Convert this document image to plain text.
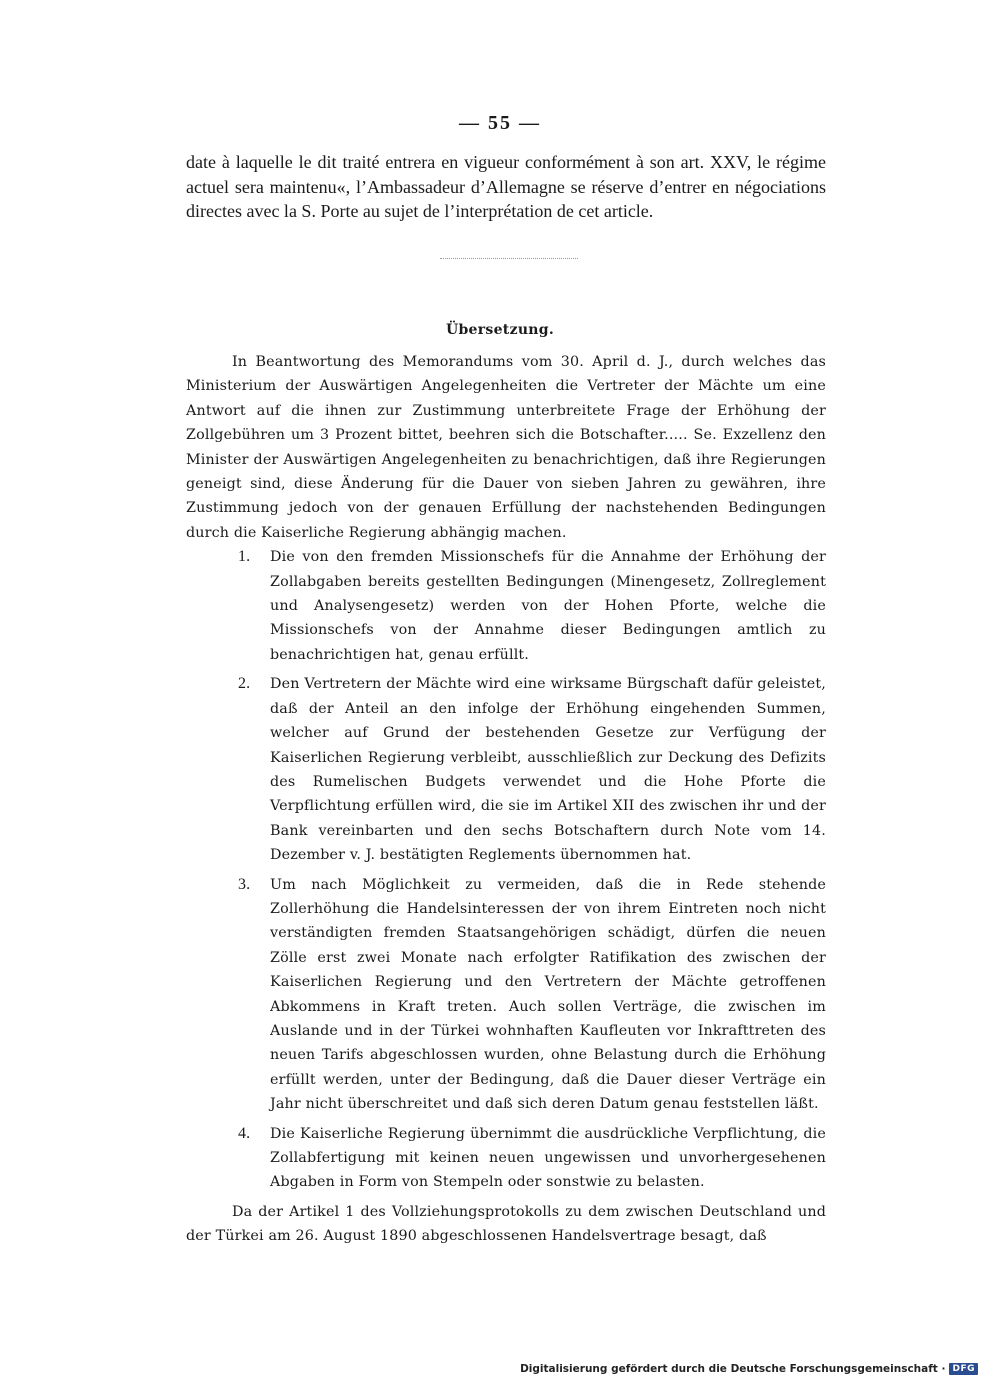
— 55 —

date à laquelle le dit traité entrera en vigueur conformément à son art. XXV, le régime actuel sera maintenu«, l’Ambassadeur d’Allemagne se réserve d’entrer en négociations directes avec la S. Porte au sujet de l’interprétation de cet article.

Übersetzung.

In Beantwortung des Memorandums vom 30. April d. J., durch welches das Ministerium der Auswärtigen Angelegenheiten die Vertreter der Mächte um eine Antwort auf die ihnen zur Zustimmung unterbreitete Frage der Erhöhung der Zollgebühren um 3 Prozent bittet, beehren sich die Botschafter..... Se. Exzellenz den Minister der Auswärtigen Angelegenheiten zu benachrichtigen, daß ihre Regierungen geneigt sind, diese Änderung für die Dauer von sieben Jahren zu gewähren, ihre Zustimmung jedoch von der genauen Erfüllung der nachstehenden Bedingungen durch die Kaiserliche Regierung abhängig machen.

1. Die von den fremden Missionschefs für die Annahme der Erhöhung der Zollabgaben bereits gestellten Bedingungen (Minengesetz, Zollreglement und Analysengesetz) werden von der Hohen Pforte, welche die Missionschefs von der Annahme dieser Bedingungen amtlich zu benachrichtigen hat, genau erfüllt.
2. Den Vertretern der Mächte wird eine wirksame Bürgschaft dafür geleistet, daß der Anteil an den infolge der Erhöhung eingehenden Summen, welcher auf Grund der bestehenden Gesetze zur Verfügung der Kaiserlichen Regierung verbleibt, ausschließlich zur Deckung des Defizits des Rumelischen Budgets verwendet und die Hohe Pforte die Verpflichtung erfüllen wird, die sie im Artikel XII des zwischen ihr und der Bank vereinbarten und den sechs Botschaftern durch Note vom 14. Dezember v. J. bestätigten Reglements übernommen hat.
3. Um nach Möglichkeit zu vermeiden, daß die in Rede stehende Zollerhöhung die Handelsinteressen der von ihrem Eintreten noch nicht verständigten fremden Staatsangehörigen schädigt, dürfen die neuen Zölle erst zwei Monate nach erfolgter Ratifikation des zwischen der Kaiserlichen Regierung und den Vertretern der Mächte getroffenen Abkommens in Kraft treten. Auch sollen Verträge, die zwischen im Auslande und in der Türkei wohnhaften Kaufleuten vor Inkrafttreten des neuen Tarifs abgeschlossen wurden, ohne Belastung durch die Erhöhung erfüllt werden, unter der Bedingung, daß die Dauer dieser Verträge ein Jahr nicht überschreitet und daß sich deren Datum genau feststellen läßt.
4. Die Kaiserliche Regierung übernimmt die ausdrückliche Verpflichtung, die Zollabfertigung mit keinen neuen ungewissen und unvorhergesehenen Abgaben in Form von Stempeln oder sonstwie zu belasten.

Da der Artikel 1 des Vollziehungsprotokolls zu dem zwischen Deutschland und der Türkei am 26. August 1890 abgeschlossenen Handelsvertrage besagt, daß

Digitalisierung gefördert durch die Deutsche Forschungsgemeinschaft · DFG
